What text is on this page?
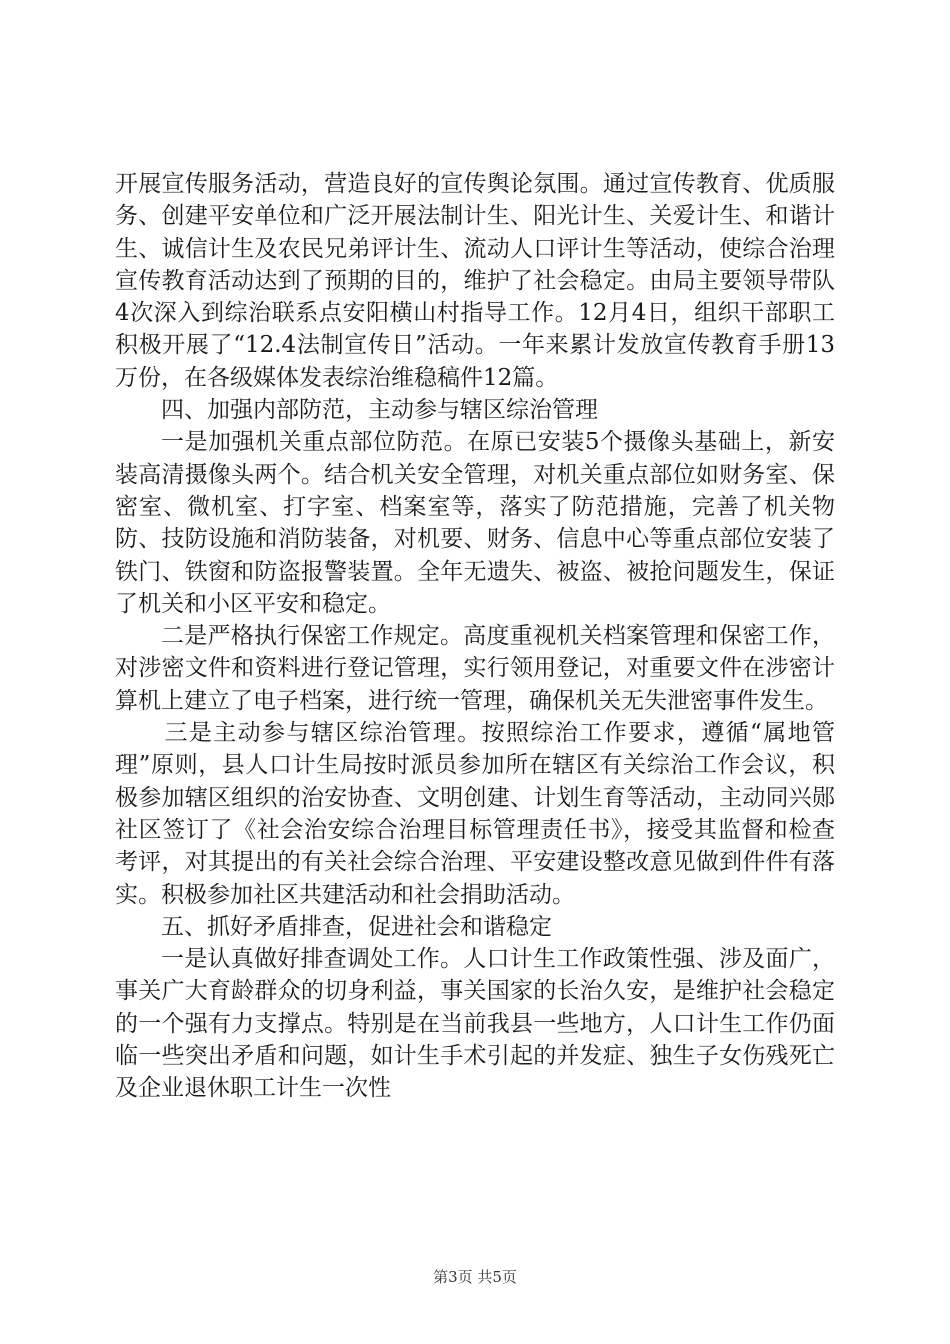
开展宣传服务活动，营造良好的宣传舆论氛围。通过宣传教育、优质服务、创建平安单位和广泛开展法制计生、阳光计生、关爱计生、和谐计生、诚信计生及农民兄弟评计生、流动人口评计生等活动，使综合治理宣传教育活动达到了预期的目的，维护了社会稳定。由局主要领导带队4次深入到综治联系点安阳横山村指导工作。12月4日，组织干部职工积极开展了“12.4法制宣传日”活动。一年来累计发放宣传教育手册13万份，在各级媒体发表综治维稳稿件12篇。

四、加强内部防范，主动参与辖区综治管理

一是加强机关重点部位防范。在原已安装5个摄像头基础上，新安装高清摄像头两个。结合机关安全管理，对机关重点部位如财务室、保密室、微机室、打字室、档案室等，落实了防范措施，完善了机关物防、技防设施和消防装备，对机要、财务、信息中心等重点部位安装了铁门、铁窗和防盗报警装置。全年无遗失、被盗、被抢问题发生，保证了机关和小区平安和稳定。

二是严格执行保密工作规定。高度重视机关档案管理和保密工作，对涉密文件和资料进行登记管理，实行领用登记，对重要文件在涉密计算机上建立了电子档案，进行统一管理，确保机关无失泄密事件发生。

三是主动参与辖区综治管理。按照综治工作要求，遵循“属地管理”原则，县人口计生局按时派员参加所在辖区有关综治工作会议，积极参加辖区组织的治安协查、文明创建、计划生育等活动，主动同兴郧社区签订了《社会治安综合治理目标管理责任书》，接受其监督和检查考评，对其提出的有关社会综合治理、平安建设整改意见做到件件有落实。积极参加社区共建活动和社会捐助活动。

五、抓好矛盾排查，促进社会和谐稳定

一是认真做好排查调处工作。人口计生工作政策性强、涉及面广，事关广大育龄群众的切身利益，事关国家的长治久安，是维护社会稳定的一个强有力支撑点。特别是在当前我县一些地方，人口计生工作仍面临一些突出矛盾和问题，如计生手术引起的并发症、独生子女伤残死亡及企业退休职工计生一次性

第3页 共5页
